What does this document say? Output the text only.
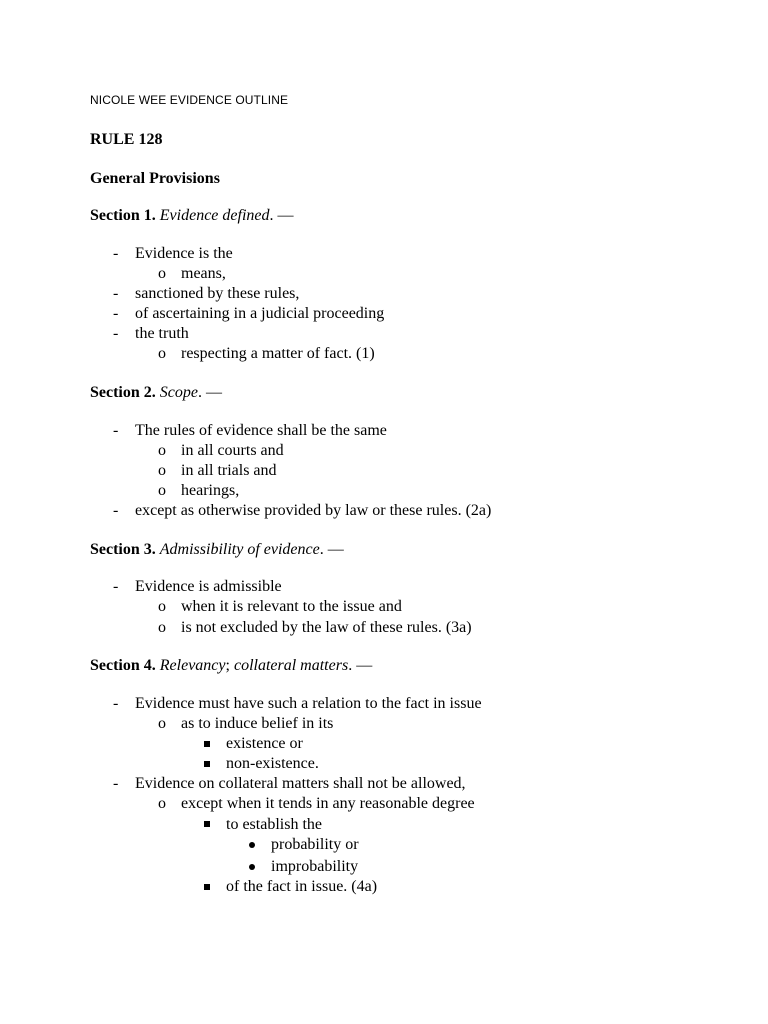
NICOLE WEE EVIDENCE OUTLINE
RULE 128
General Provisions
Section 1. Evidence defined. —
- Evidence is the
o means,
- sanctioned by these rules,
- of ascertaining in a judicial proceeding
- the truth
o respecting a matter of fact. (1)
Section 2. Scope. —
- The rules of evidence shall be the same
o in all courts and
o in all trials and
o hearings,
- except as otherwise provided by law or these rules. (2a)
Section 3. Admissibility of evidence. —
- Evidence is admissible
o when it is relevant to the issue and
o is not excluded by the law of these rules. (3a)
Section 4. Relevancy; collateral matters. —
- Evidence must have such a relation to the fact in issue
o as to induce belief in its
existence or
non-existence.
- Evidence on collateral matters shall not be allowed,
o except when it tends in any reasonable degree
to establish the
probability or
improbability
of the fact in issue. (4a)
